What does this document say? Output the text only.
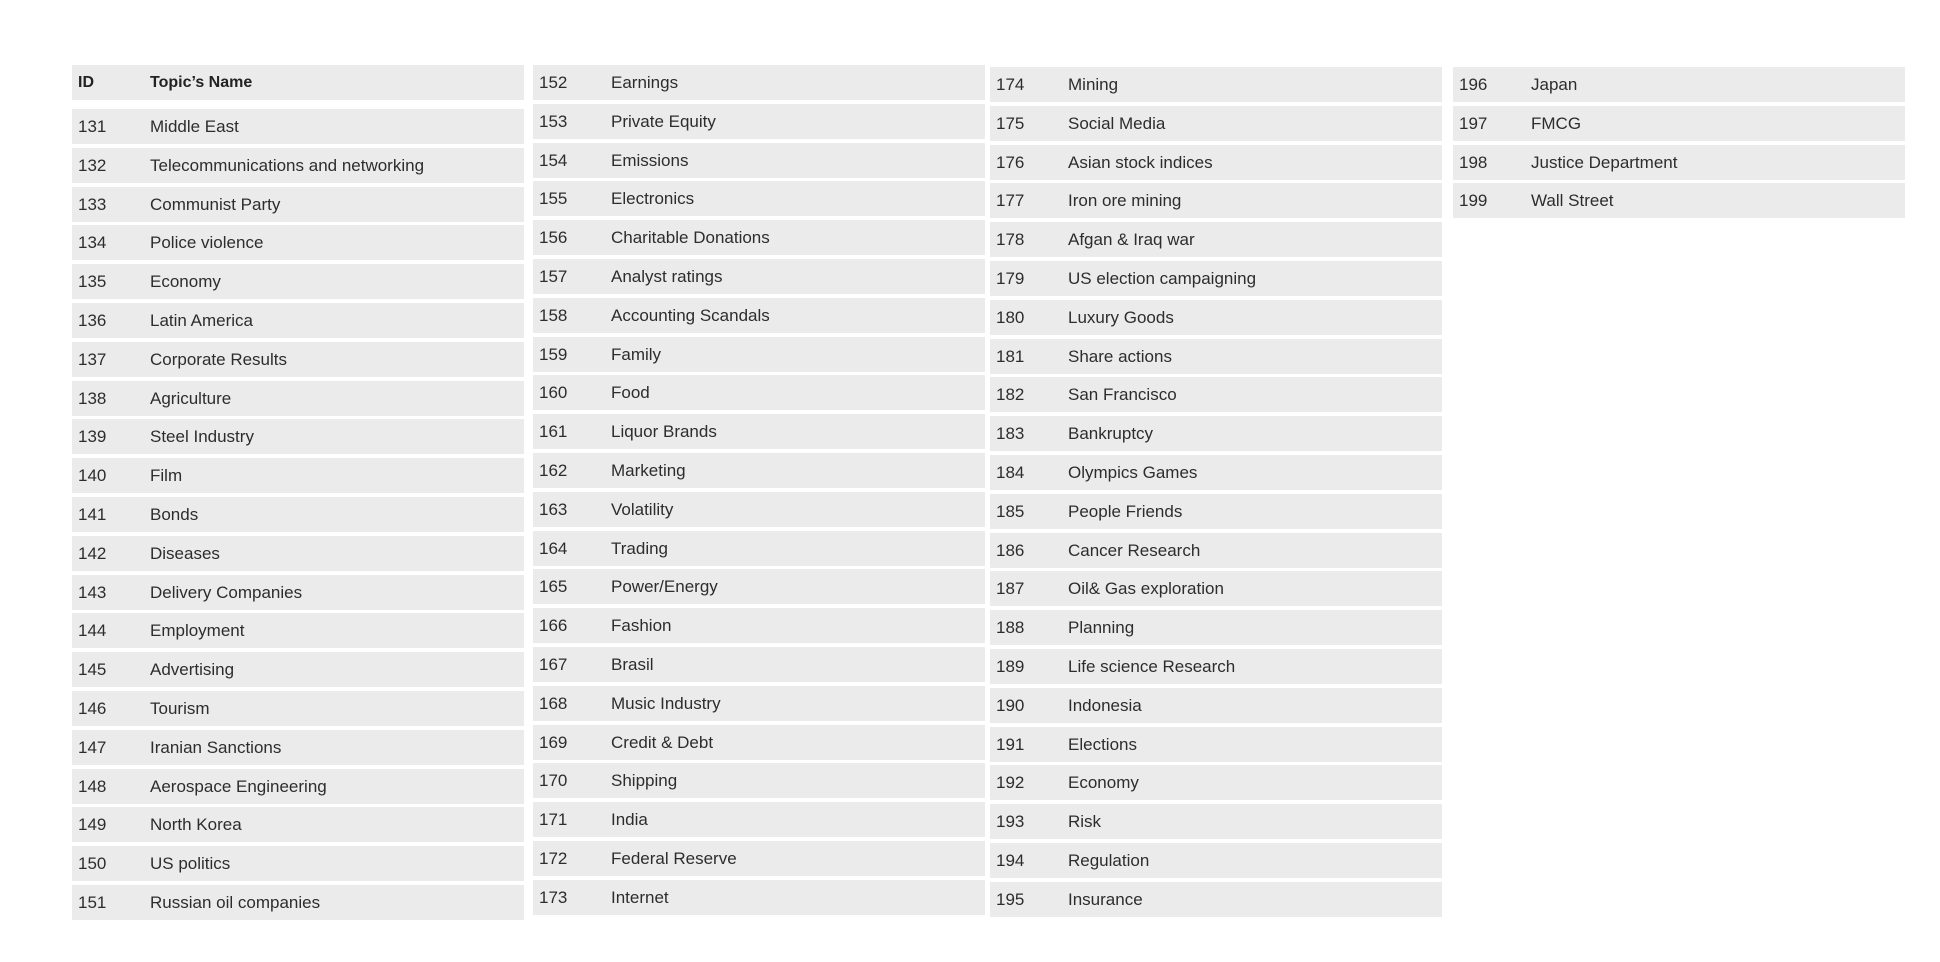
ID	Topic’s Name
131	Middle East
132	Telecommunications and networking
133	Communist Party
134	Police violence
135	Economy
136	Latin America
137	Corporate Results
138	Agriculture
139	Steel Industry
140	Film
141	Bonds
142	Diseases
143	Delivery Companies
144	Employment
145	Advertising
146	Tourism
147	Iranian Sanctions
148	Aerospace Engineering
149	North Korea
150	US politics
151	Russian oil companies
152	Earnings
153	Private Equity
154	Emissions
155	Electronics
156	Charitable Donations
157	Analyst ratings
158	Accounting Scandals
159	Family
160	Food
161	Liquor Brands
162	Marketing
163	Volatility
164	Trading
165	Power/Energy
166	Fashion
167	Brasil
168	Music Industry
169	Credit & Debt
170	Shipping
171	India
172	Federal Reserve
173	Internet
174	Mining
175	Social Media
176	Asian stock indices
177	Iron ore mining
178	Afgan & Iraq war
179	US election campaigning
180	Luxury Goods
181	Share actions
182	San Francisco
183	Bankruptcy
184	Olympics Games
185	People Friends
186	Cancer Research
187	Oil& Gas exploration
188	Planning
189	Life science Research
190	Indonesia
191	Elections
192	Economy
193	Risk
194	Regulation
195	Insurance
196	Japan
197	FMCG
198	Justice Department
199	Wall Street
